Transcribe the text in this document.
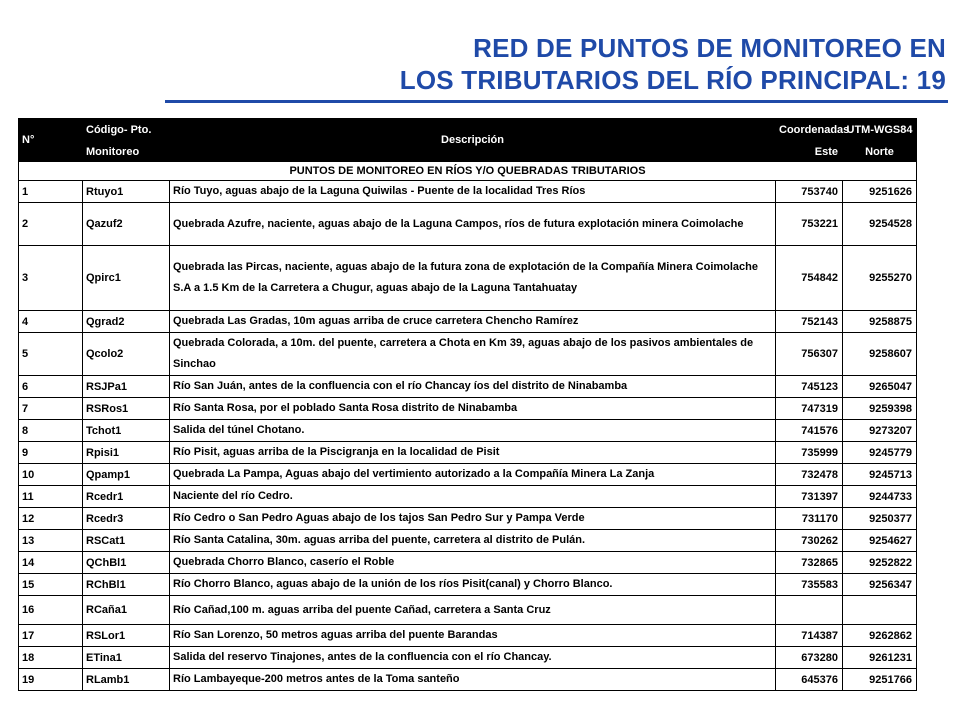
RED DE PUNTOS DE MONITOREO EN
LOS TRIBUTARIOS DEL RÍO PRINCIPAL: 19
N°	Código- Pto.	Descripción	Coordenadas	UTM-WGS84
	Monitoreo		Este	Norte
PUNTOS DE MONITOREO EN RÍOS Y/O QUEBRADAS TRIBUTARIOS				
1	Rtuyo1	Río Tuyo, aguas abajo de la Laguna Quiwilas - Puente de la localidad Tres Ríos	753740	9251626
2	Qazuf2	Quebrada Azufre, naciente, aguas abajo de la Laguna Campos, ríos de futura explotación minera Coimolache	753221	9254528
3	Qpirc1	Quebrada las Pircas, naciente, aguas abajo de la futura zona de explotación de la Compañía Minera Coimolache S.A a 1.5 Km de la Carretera a Chugur, aguas abajo de la Laguna Tantahuatay	754842	9255270
4	Qgrad2	Quebrada Las Gradas, 10m aguas arriba de cruce carretera Chencho Ramírez	752143	9258875
5	Qcolo2	Quebrada Colorada, a 10m. del puente, carretera a Chota en Km 39, aguas abajo de los pasivos ambientales de Sinchao	756307	9258607
6	RSJPa1	Río San Juán, antes de la confluencia con el río Chancay íos del distrito de Ninabamba	745123	9265047
7	RSRos1	Río Santa Rosa, por el poblado Santa Rosa distrito de Ninabamba	747319	9259398
8	Tchot1	Salida del túnel Chotano.	741576	9273207
9	Rpisi1	Río Pisit, aguas arriba de la Piscigranja en la localidad de Pisit	735999	9245779
10	Qpamp1	Quebrada La Pampa, Aguas abajo del vertimiento autorizado a la Compañía Minera La Zanja	732478	9245713
11	Rcedr1	Naciente del río Cedro.	731397	9244733
12	Rcedr3	Río Cedro o San Pedro Aguas abajo de los tajos San Pedro Sur y Pampa Verde	731170	9250377
13	RSCat1	Río Santa Catalina, 30m. aguas arriba del puente, carretera al distrito de Pulán.	730262	9254627
14	QChBl1	Quebrada Chorro Blanco, caserío el Roble	732865	9252822
15	RChBl1	Río Chorro Blanco, aguas abajo de la unión de los ríos Pisit(canal) y Chorro Blanco.	735583	9256347
16	RCaña1	Río Cañad,100 m. aguas arriba del puente Cañad, carretera a Santa Cruz		
17	RSLor1	Río San Lorenzo, 50 metros aguas arriba del puente Barandas	714387	9262862
18	ETina1	Salida del reservo Tinajones, antes de la confluencia con el río Chancay.	673280	9261231
19	RLamb1	Río Lambayeque-200 metros antes de la Toma santeño	645376	9251766
